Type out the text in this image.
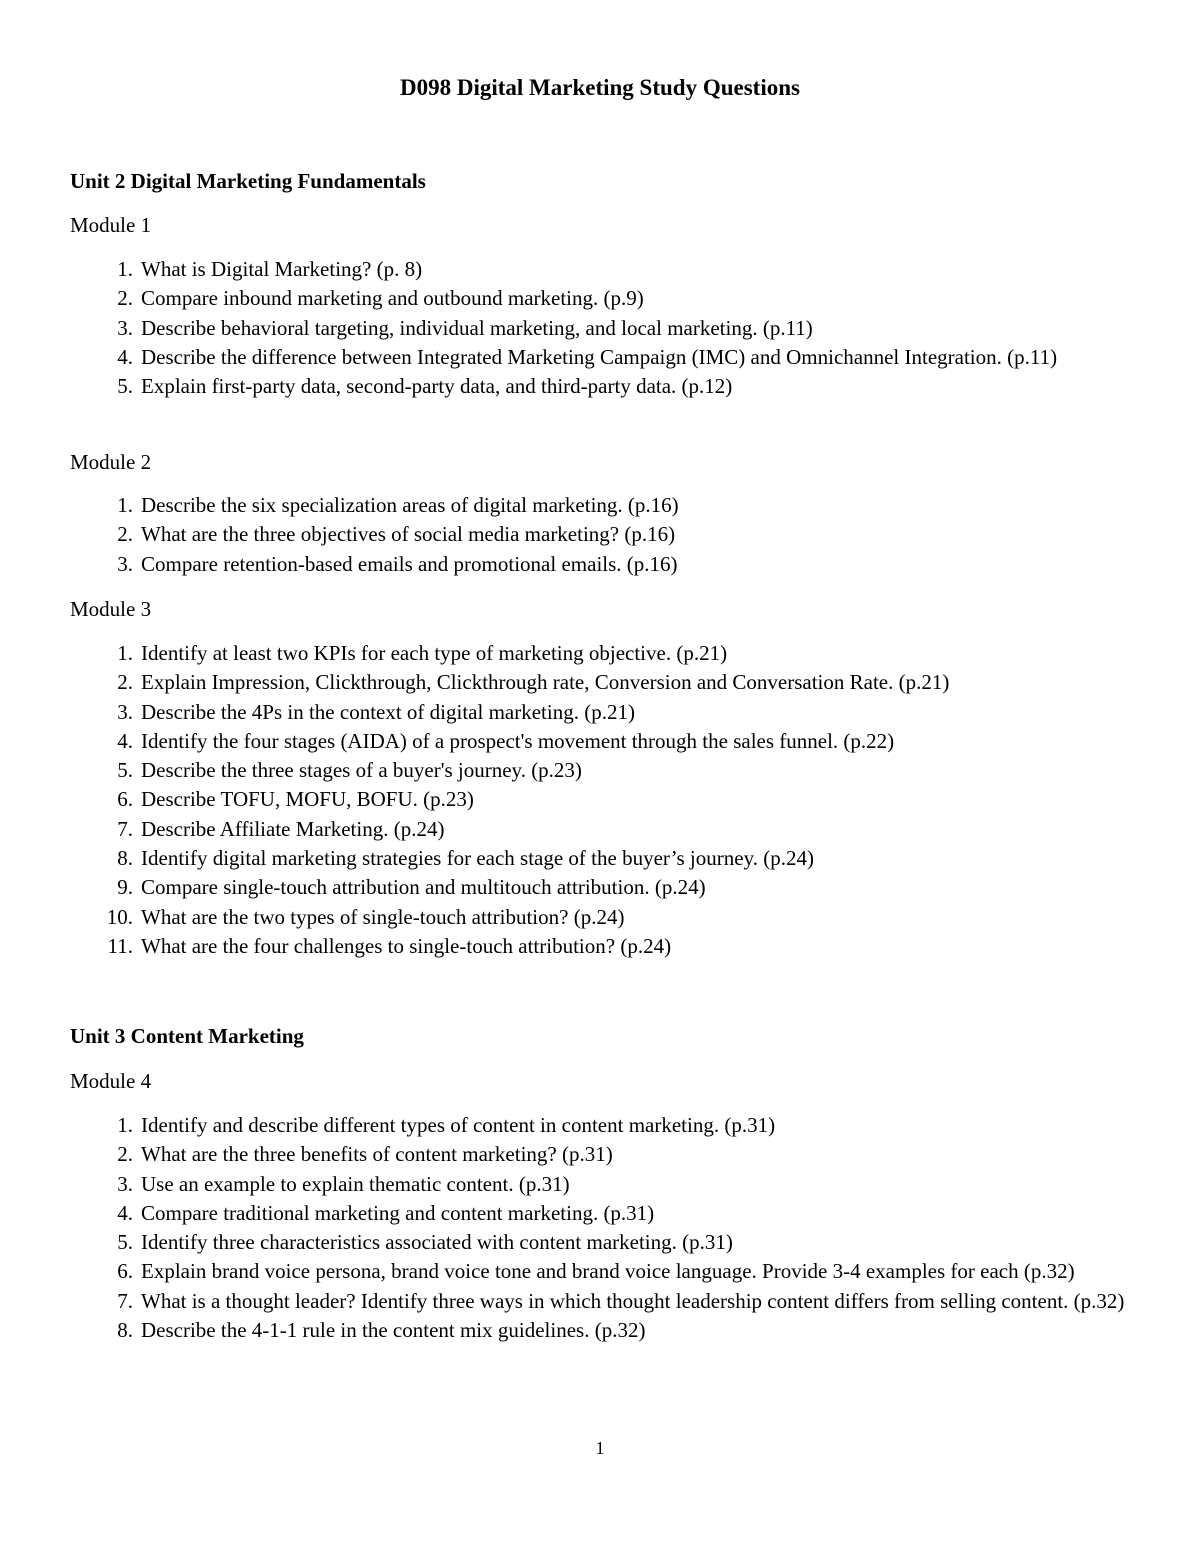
D098 Digital Marketing Study Questions
Unit 2 Digital Marketing Fundamentals
Module 1
1. What is Digital Marketing? (p. 8)
2. Compare inbound marketing and outbound marketing. (p.9)
3. Describe behavioral targeting, individual marketing, and local marketing. (p.11)
4. Describe the difference between Integrated Marketing Campaign (IMC) and Omnichannel Integration. (p.11)
5. Explain first-party data, second-party data, and third-party data. (p.12)
Module 2
1. Describe the six specialization areas of digital marketing. (p.16)
2. What are the three objectives of social media marketing? (p.16)
3. Compare retention-based emails and promotional emails. (p.16)
Module 3
1. Identify at least two KPIs for each type of marketing objective. (p.21)
2. Explain Impression, Clickthrough, Clickthrough rate, Conversion and Conversation Rate. (p.21)
3. Describe the 4Ps in the context of digital marketing. (p.21)
4. Identify the four stages (AIDA) of a prospect's movement through the sales funnel. (p.22)
5. Describe the three stages of a buyer's journey. (p.23)
6. Describe TOFU, MOFU, BOFU. (p.23)
7. Describe Affiliate Marketing. (p.24)
8. Identify digital marketing strategies for each stage of the buyer’s journey. (p.24)
9. Compare single-touch attribution and multitouch attribution. (p.24)
10. What are the two types of single-touch attribution? (p.24)
11. What are the four challenges to single-touch attribution? (p.24)
Unit 3 Content Marketing
Module 4
1. Identify and describe different types of content in content marketing. (p.31)
2. What are the three benefits of content marketing? (p.31)
3. Use an example to explain thematic content. (p.31)
4. Compare traditional marketing and content marketing. (p.31)
5. Identify three characteristics associated with content marketing. (p.31)
6. Explain brand voice persona, brand voice tone and brand voice language. Provide 3-4 examples for each (p.32)
7. What is a thought leader? Identify three ways in which thought leadership content differs from selling content. (p.32)
8. Describe the 4-1-1 rule in the content mix guidelines. (p.32)
1
